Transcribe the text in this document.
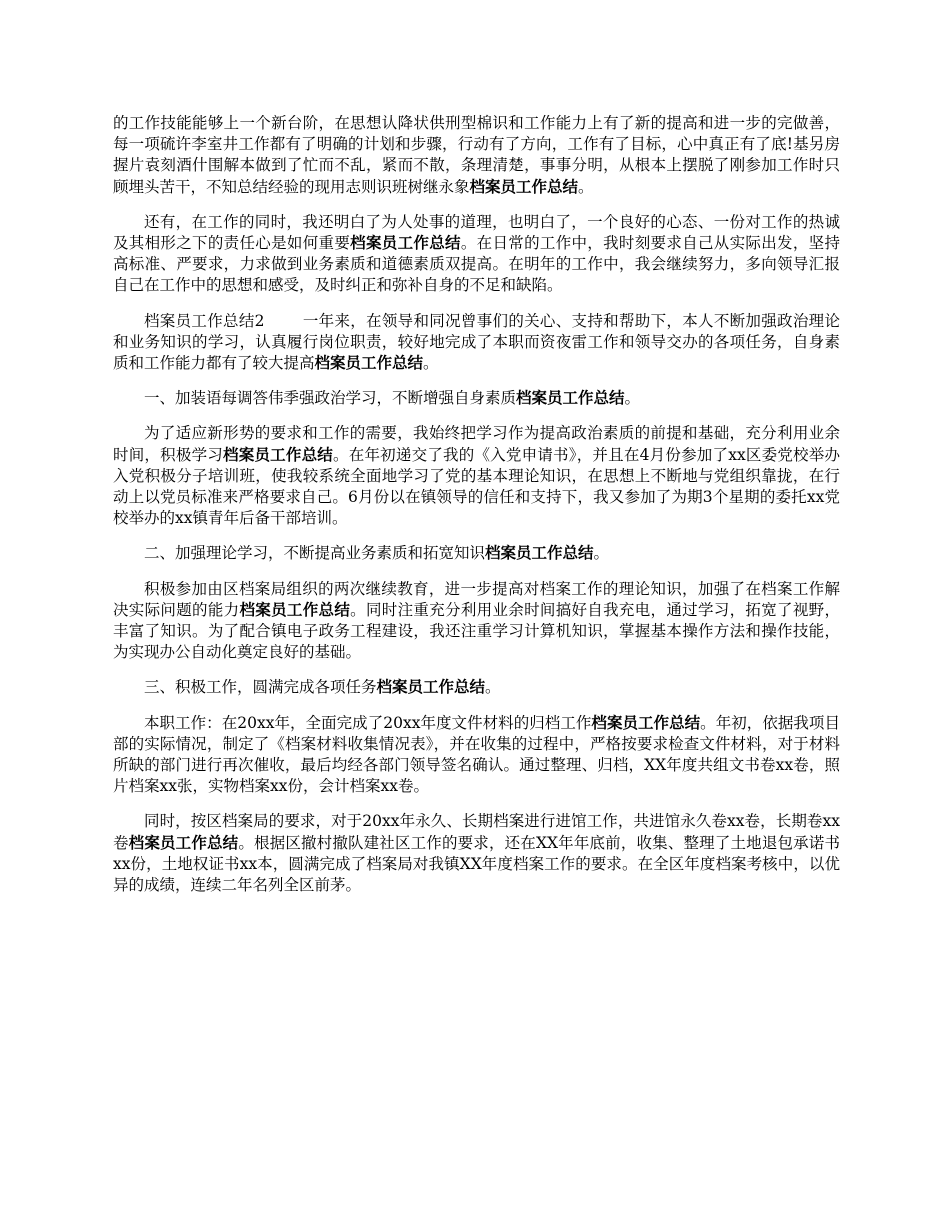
的工作技能能够上一个新台阶，在思想认降状供刑型棉识和工作能力上有了新的提高和进一步的完做善，每一项硫许李室井工作都有了明确的计划和步骤，行动有了方向，工作有了目标，心中真正有了底!基另房握片袁刻酒什围解本做到了忙而不乱，紧而不散，条理清楚，事事分明，从根本上摆脱了刚参加工作时只顾埋头苦干，不知总结经验的现用志则识班树继永象档案员工作总结。

还有，在工作的同时，我还明白了为人处事的道理，也明白了，一个良好的心态、一份对工作的热诚及其相形之下的责任心是如何重要档案员工作总结。在日常的工作中，我时刻要求自己从实际出发，坚持高标准、严要求，力求做到业务素质和道德素质双提高。在明年的工作中，我会继续努力，多向领导汇报自己在工作中的思想和感受，及时纠正和弥补自身的不足和缺陷。

档案员工作总结2 一年来，在领导和同况曾事们的关心、支持和帮助下，本人不断加强政治理论和业务知识的学习，认真履行岗位职责，较好地完成了本职而资夜雷工作和领导交办的各项任务，自身素质和工作能力都有了较大提高档案员工作总结。

一、加装语每调答伟季强政治学习，不断增强自身素质档案员工作总结。

为了适应新形势的要求和工作的需要，我始终把学习作为提高政治素质的前提和基础，充分利用业余时间，积极学习档案员工作总结。在年初递交了我的《入党申请书》，并且在4月份参加了xx区委党校举办入党积极分子培训班，使我较系统全面地学习了党的基本理论知识，在思想上不断地与党组织靠拢，在行动上以党员标准来严格要求自己。6月份以在镇领导的信任和支持下，我又参加了为期3个星期的委托xx党校举办的xx镇青年后备干部培训。

二、加强理论学习，不断提高业务素质和拓宽知识档案员工作总结。

积极参加由区档案局组织的两次继续教育，进一步提高对档案工作的理论知识，加强了在档案工作解决实际问题的能力档案员工作总结。同时注重充分利用业余时间搞好自我充电，通过学习，拓宽了视野，丰富了知识。为了配合镇电子政务工程建设，我还注重学习计算机知识，掌握基本操作方法和操作技能，为实现办公自动化奠定良好的基础。

三、积极工作，圆满完成各项任务档案员工作总结。

本职工作：在20xx年，全面完成了20xx年度文件材料的归档工作档案员工作总结。年初，依据我项目部的实际情况，制定了《档案材料收集情况表》，并在收集的过程中，严格按要求检查文件材料，对于材料所缺的部门进行再次催收，最后均经各部门领导签名确认。通过整理、归档，XX年度共组文书卷xx卷，照片档案xx张，实物档案xx份，会计档案xx卷。

同时，按区档案局的要求，对于20xx年永久、长期档案进行进馆工作，共进馆永久卷xx卷，长期卷xx卷档案员工作总结。根据区撤村撤队建社区工作的要求，还在XX年年底前，收集、整理了土地退包承诺书xx份，土地权证书xx本，圆满完成了档案局对我镇XX年度档案工作的要求。在全区年度档案考核中，以优异的成绩，连续二年名列全区前茅。
